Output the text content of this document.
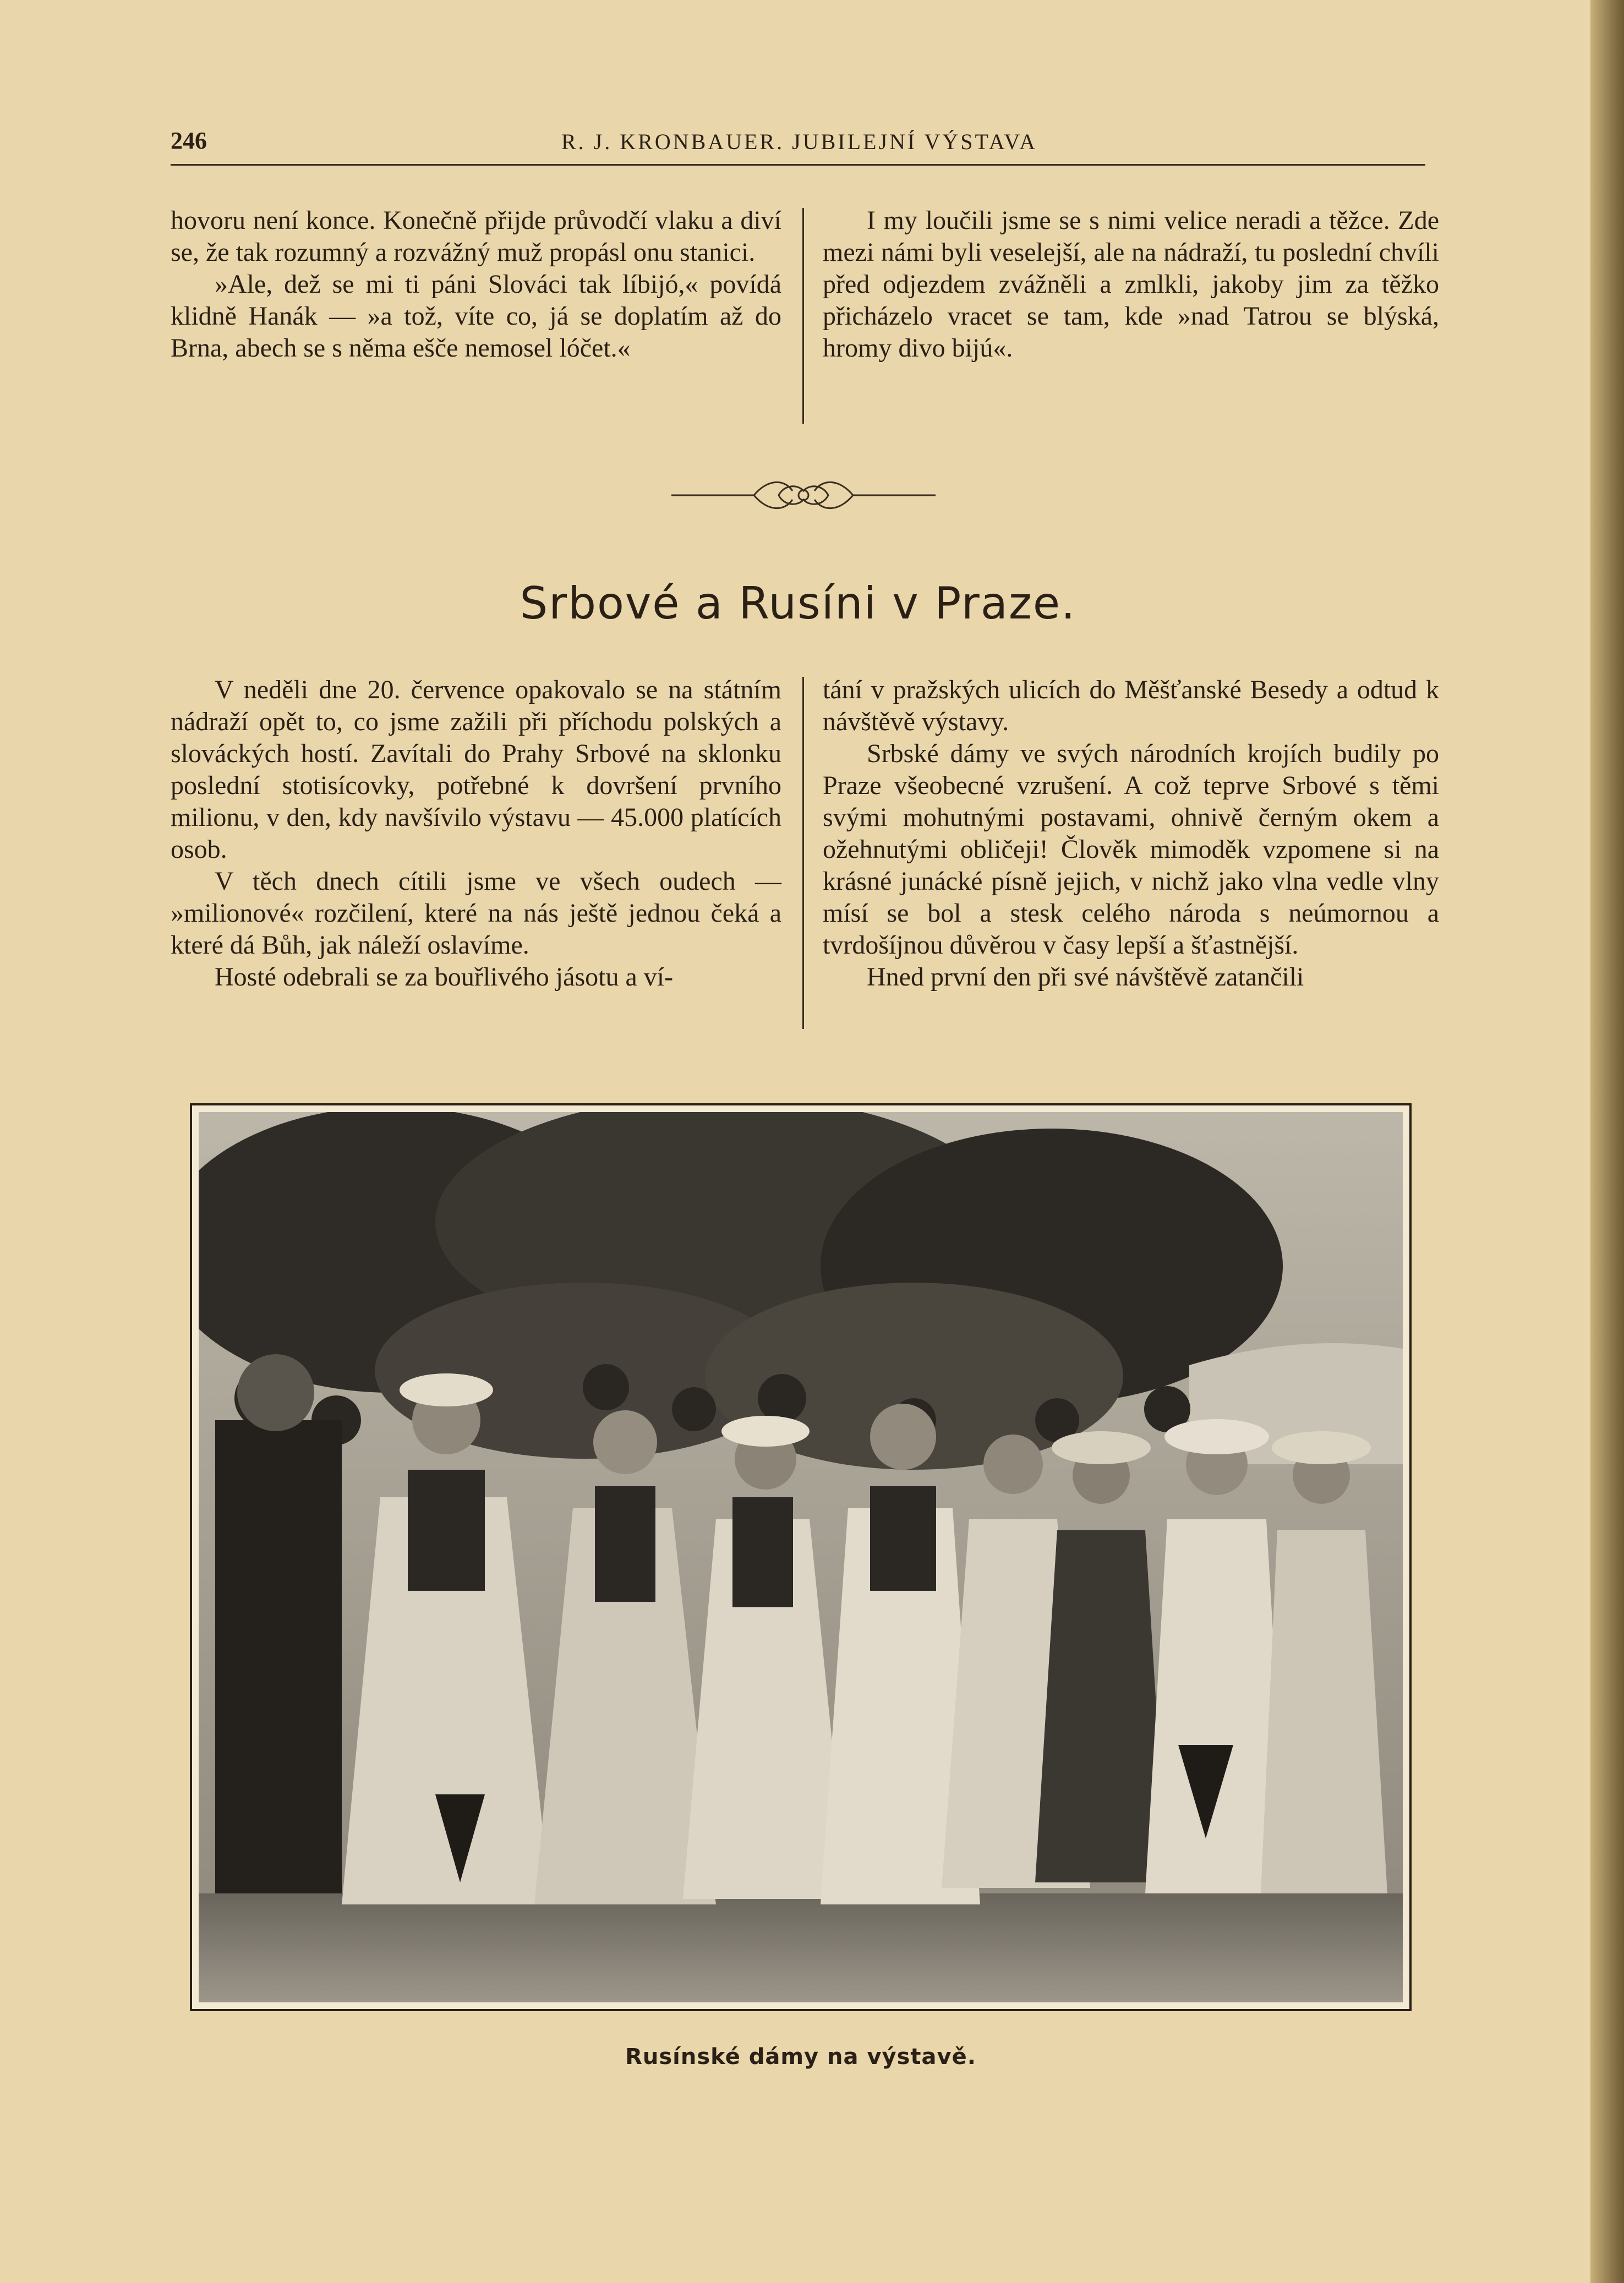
246	R. J. KRONBAUER. JUBILEJNÍ VÝSTAVA

hovoru není konce. Konečně přijde průvodčí vlaku a diví se, že tak rozumný a rozvážný muž propásl onu stanici.

»Ale, dež se mi ti páni Slováci tak líbijó,« povídá klidně Hanák — »a tož, víte co, já se doplatím až do Brna, abech se s něma ešče nemosel lóčet.«

I my loučili jsme se s nimi velice neradi a těžce. Zde mezi námi byli veselejší, ale na nádraží, tu poslední chvíli před odjezdem zvážněli a zmlkli, jakoby jim za těžko přicházelo vracet se tam, kde »nad Tatrou se blýská, hromy divo bijú«.

Srbové a Rusíni v Praze.

V neděli dne 20. července opakovalo se na státním nádraží opět to, co jsme zažili při příchodu polských a slováckých hostí. Zavítali do Prahy Srbové na sklonku poslední stotisícovky, potřebné k dovršení prvního milionu, v den, kdy navšívilo výstavu — 45.000 platících osob.

V těch dnech cítili jsme ve všech oudech — »milionové« rozčilení, které na nás ještě jednou čeká a které dá Bůh, jak náleží oslavíme.

Hosté odebrali se za bouřlivého jásotu a ví-

tání v pražských ulicích do Měšťanské Besedy a odtud k návštěvě výstavy.

Srbské dámy ve svých národních krojích budily po Praze všeobecné vzrušení. A což teprve Srbové s těmi svými mohutnými postavami, ohnivě černým okem a ožehnutými obličeji! Člověk mimoděk vzpomene si na krásné junácké písně jejich, v nichž jako vlna vedle vlny mísí se bol a stesk celého národa s neúmornou a tvrdošíjnou důvěrou v časy lepší a šťastnější.

Hned první den při své návštěvě zatančili

Rusínské dámy na výstavě.
